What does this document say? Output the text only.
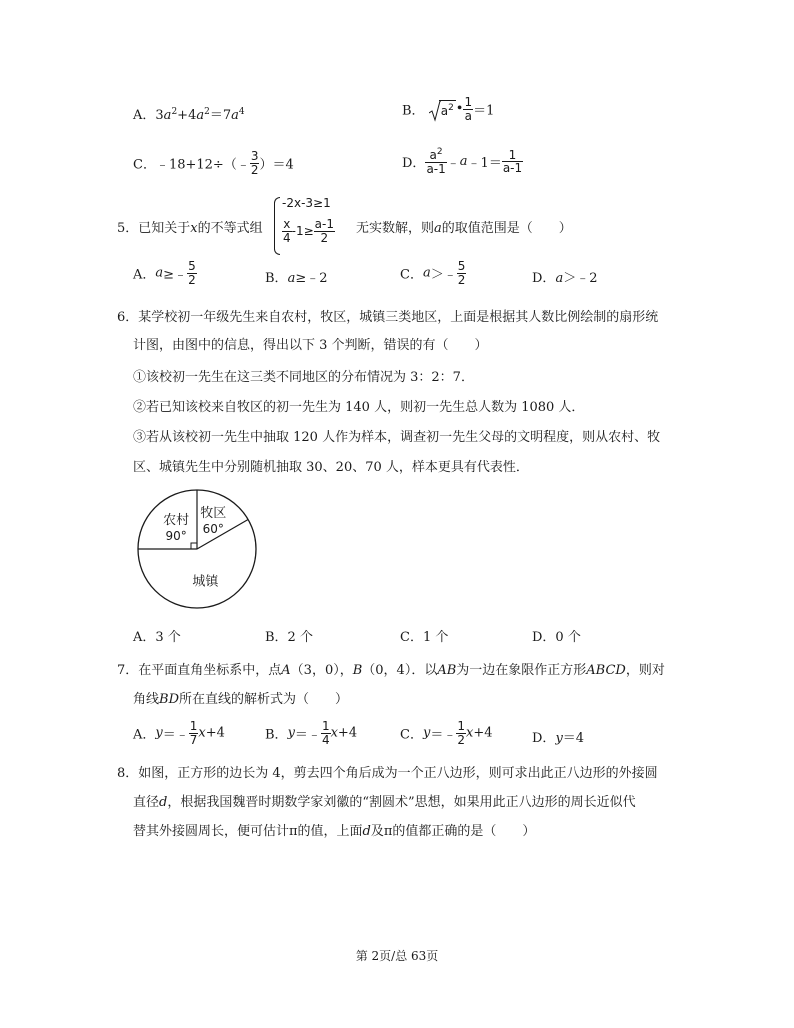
A．$3a^2+4a^2=7a^4$	B． $a^2$ • $\frac{1}{a} =1$
C．﹣18+12÷（﹣ $\frac{3}{2} )=4$	D． $\frac{a^2}{a-1}$ ﹣a﹣1＝ $\frac{1}{a-1}$
5．已知关于x的不等式组
-2x-3≥1
$\frac{x}{4} -1\ge \frac{a-1}{2}$ 无实数解，则a的取值范围是（　　）
A．a≥﹣ $\frac{5}{2}$	B．a≥﹣2	C．a＞﹣ $\frac{5}{2}$	D．a＞﹣2
6．某学校初一年级先生来自农村，牧区，城镇三类地区，上面是根据其人数比例绘制的扇形统
计图，由图中的信息，得出以下 3 个判断，错误的有（　　）
①该校初一先生在这三类不同地区的分布情况为 3：2：7．
②若已知该校来自牧区的初一先生为 140 人，则初一先生总人数为 1080 人．
③若从该校初一先生中抽取 120 人作为样本，调查初一先生父母的文明程度，则从农村、牧
区、城镇先生中分别随机抽取 30、20、70 人，样本更具有代表性．
农村
90°
牧区
60°
城镇
A．3 个	B．2 个	C．1 个	D．0 个
7．在平面直角坐标系中，点A（3，0），B（0，4）．以AB为一边在象限作正方形ABCD，则对
角线BD所在直线的解析式为（　　）
A．y＝﹣ $\frac{1}{7} x+4$	B．y＝﹣ $\frac{1}{4} x+4$	C．y＝﹣ $\frac{1}{2} x+4$	D．y＝4
8．如图，正方形的边长为 4，剪去四个角后成为一个正八边形，则可求出此正八边形的外接圆
直径d，根据我国魏晋时期数学家刘徽的“割圆术”思想，如果用此正八边形的周长近似代
替其外接圆周长，便可估计π的值，上面d及π的值都正确的是（　　）
第 2页/总 63页
